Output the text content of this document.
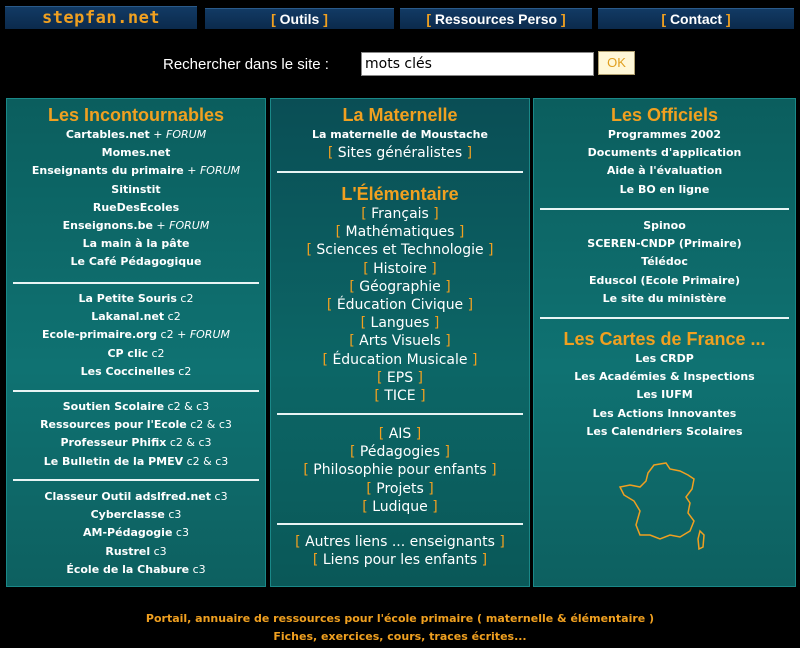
stepfan.net	[ Outils ]	[ Ressources Perso ]	[ Contact ]
Rechercher dans le site :
mots clés	OK
Les Incontournables
Cartables.net + FORUM
Momes.net
Enseignants du primaire + FORUM
Sitinstit
RueDesEcoles
Enseignons.be + FORUM
La main à la pâte
Le Café Pédagogique
La Petite Souris c2
Lakanal.net c2
Ecole-primaire.org c2 + FORUM
CP clic c2
Les Coccinelles c2
Soutien Scolaire c2 & c3
Ressources pour l'Ecole c2 & c3
Professeur Phifix c2 & c3
Le Bulletin de la PMEV c2 & c3
Classeur Outil adslfred.net c3
Cyberclasse c3
AM-Pédagogie c3
Rustrel c3
École de la Chabure c3
La Maternelle
La maternelle de Moustache
[ Sites généralistes ]
L'Élémentaire
[ Français ]
[ Mathématiques ]
[ Sciences et Technologie ]
[ Histoire ]
[ Géographie ]
[ Éducation Civique ]
[ Langues ]
[ Arts Visuels ]
[ Éducation Musicale ]
[ EPS ]
[ TICE ]
[ AIS ]
[ Pédagogies ]
[ Philosophie pour enfants ]
[ Projets ]
[ Ludique ]
[ Autres liens ... enseignants ]
[ Liens pour les enfants ]
Les Officiels
Programmes 2002
Documents d'application
Aide à l'évaluation
Le BO en ligne
Spinoo
SCEREN-CNDP (Primaire)
Télédoc
Eduscol (Ecole Primaire)
Le site du ministère
Les Cartes de France ...
Les CRDP
Les Académies & Inspections
Les IUFM
Les Actions Innovantes
Les Calendriers Scolaires
Portail, annuaire de ressources pour l'école primaire ( maternelle & élémentaire )
Fiches, exercices, cours, traces écrites...
